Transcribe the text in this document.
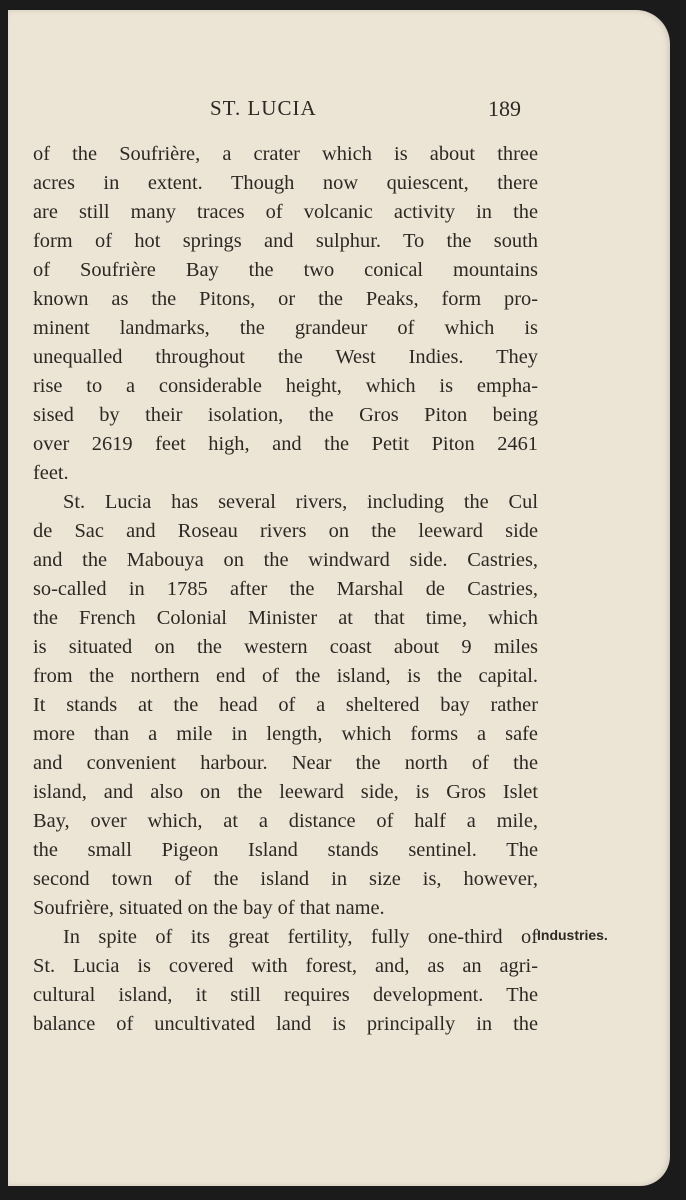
ST. LUCIA	189
of the Soufrière, a crater which is about three
acres in extent. Though now quiescent, there
are still many traces of volcanic activity in the
form of hot springs and sulphur. To the south
of Soufrière Bay the two conical mountains
known as the Pitons, or the Peaks, form pro-
minent landmarks, the grandeur of which is
unequalled throughout the West Indies. They
rise to a considerable height, which is empha-
sised by their isolation, the Gros Piton being
over 2619 feet high, and the Petit Piton 2461
feet.
St. Lucia has several rivers, including the Cul
de Sac and Roseau rivers on the leeward side
and the Mabouya on the windward side. Castries,
so-called in 1785 after the Marshal de Castries,
the French Colonial Minister at that time, which
is situated on the western coast about 9 miles
from the northern end of the island, is the capital.
It stands at the head of a sheltered bay rather
more than a mile in length, which forms a safe
and convenient harbour. Near the north of the
island, and also on the leeward side, is Gros Islet
Bay, over which, at a distance of half a mile,
the small Pigeon Island stands sentinel. The
second town of the island in size is, however,
Soufrière, situated on the bay of that name.
In spite of its great fertility, fully one-third of
St. Lucia is covered with forest, and, as an agri-
cultural island, it still requires development. The
balance of uncultivated land is principally in the
Industries.
